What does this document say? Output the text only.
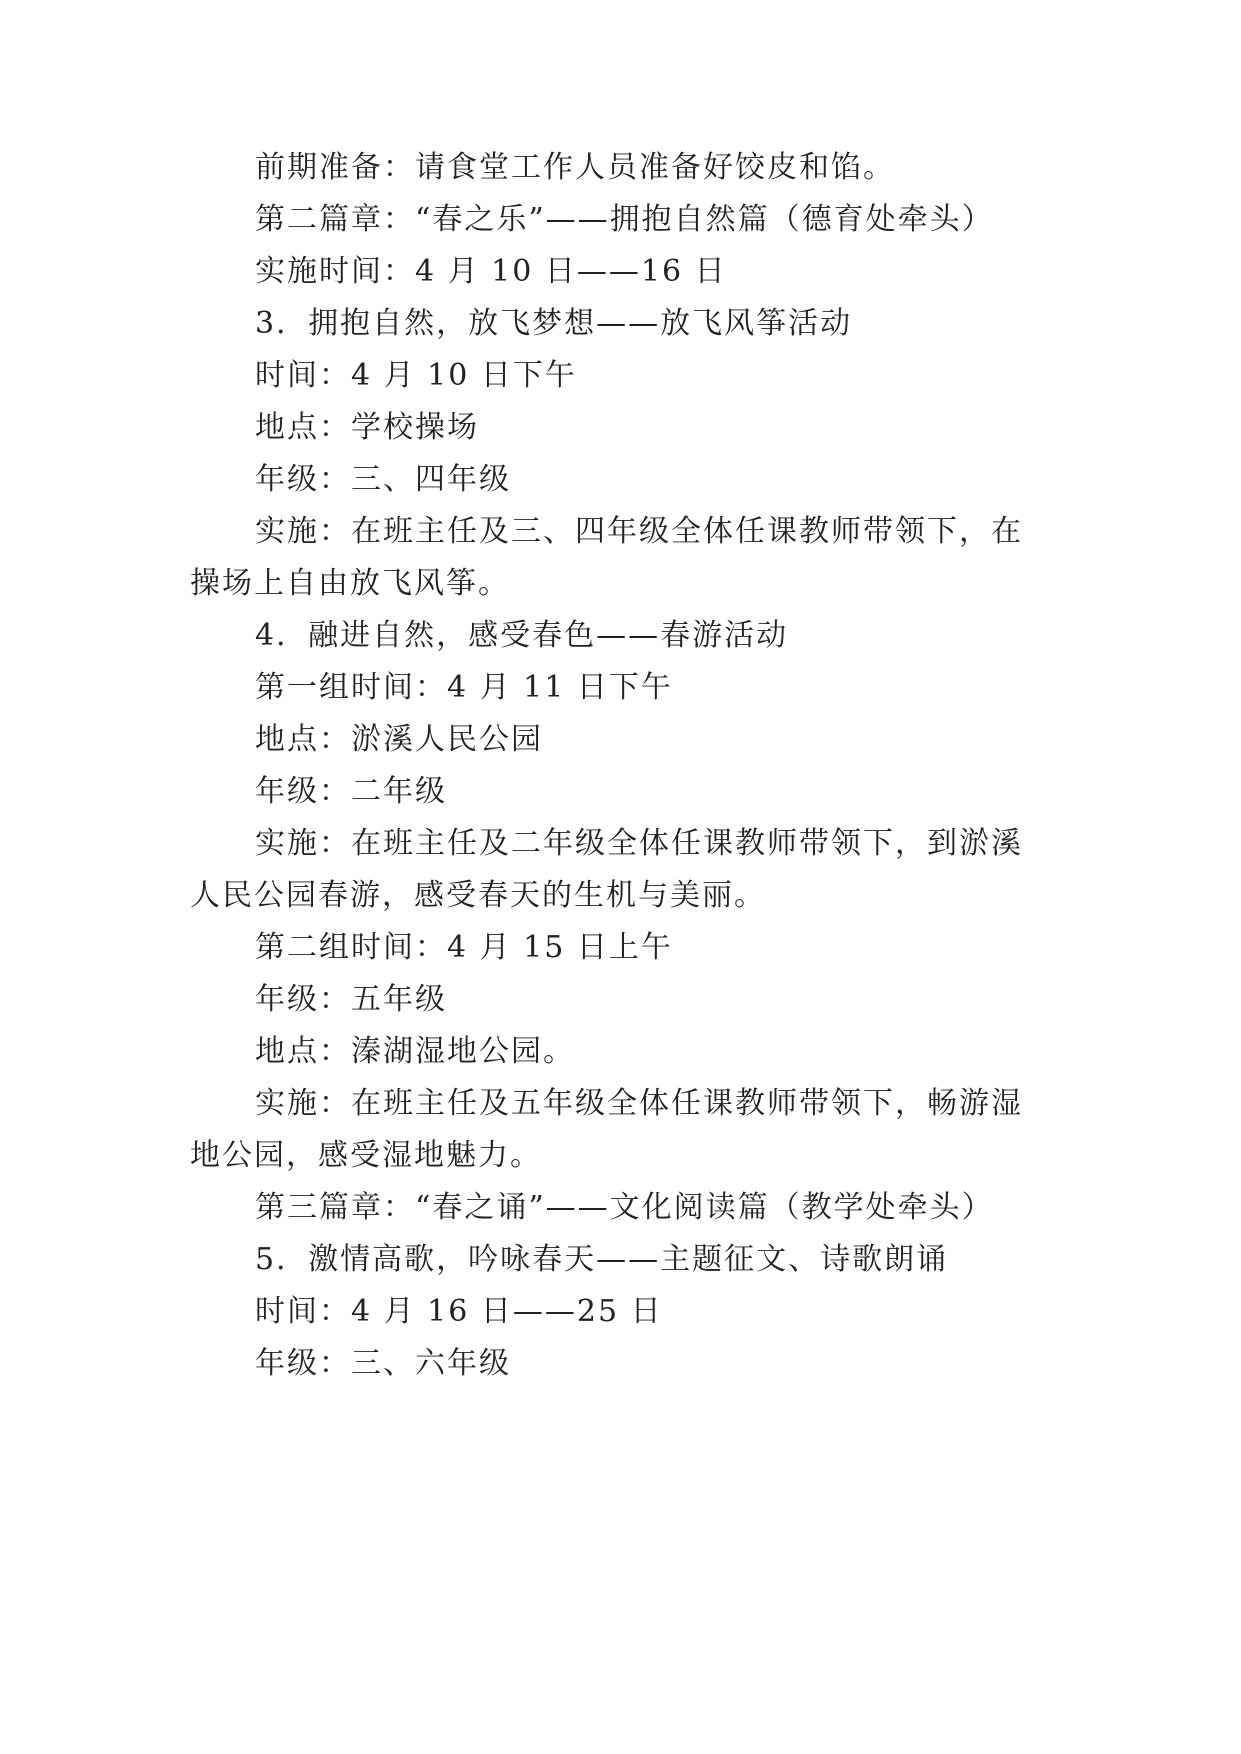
前期准备：请食堂工作人员准备好饺皮和馅。
第二篇章：“春之乐”——拥抱自然篇（德育处牵头）
实施时间：4 月 10 日——16 日
3．拥抱自然，放飞梦想——放飞风筝活动
时间：4 月 10 日下午
地点：学校操场
年级：三、四年级
实施：在班主任及三、四年级全体任课教师带领下，在
操场上自由放飞风筝。
4．融进自然，感受春色——春游活动
第一组时间：4 月 11 日下午
地点：淤溪人民公园
年级：二年级
实施：在班主任及二年级全体任课教师带领下，到淤溪
人民公园春游，感受春天的生机与美丽。
第二组时间：4 月 15 日上午
年级：五年级
地点：溱湖湿地公园。
实施：在班主任及五年级全体任课教师带领下，畅游湿
地公园，感受湿地魅力。
第三篇章：“春之诵”——文化阅读篇（教学处牵头）
5．激情高歌，吟咏春天——主题征文、诗歌朗诵
时间：4 月 16 日——25 日
年级：三、六年级
